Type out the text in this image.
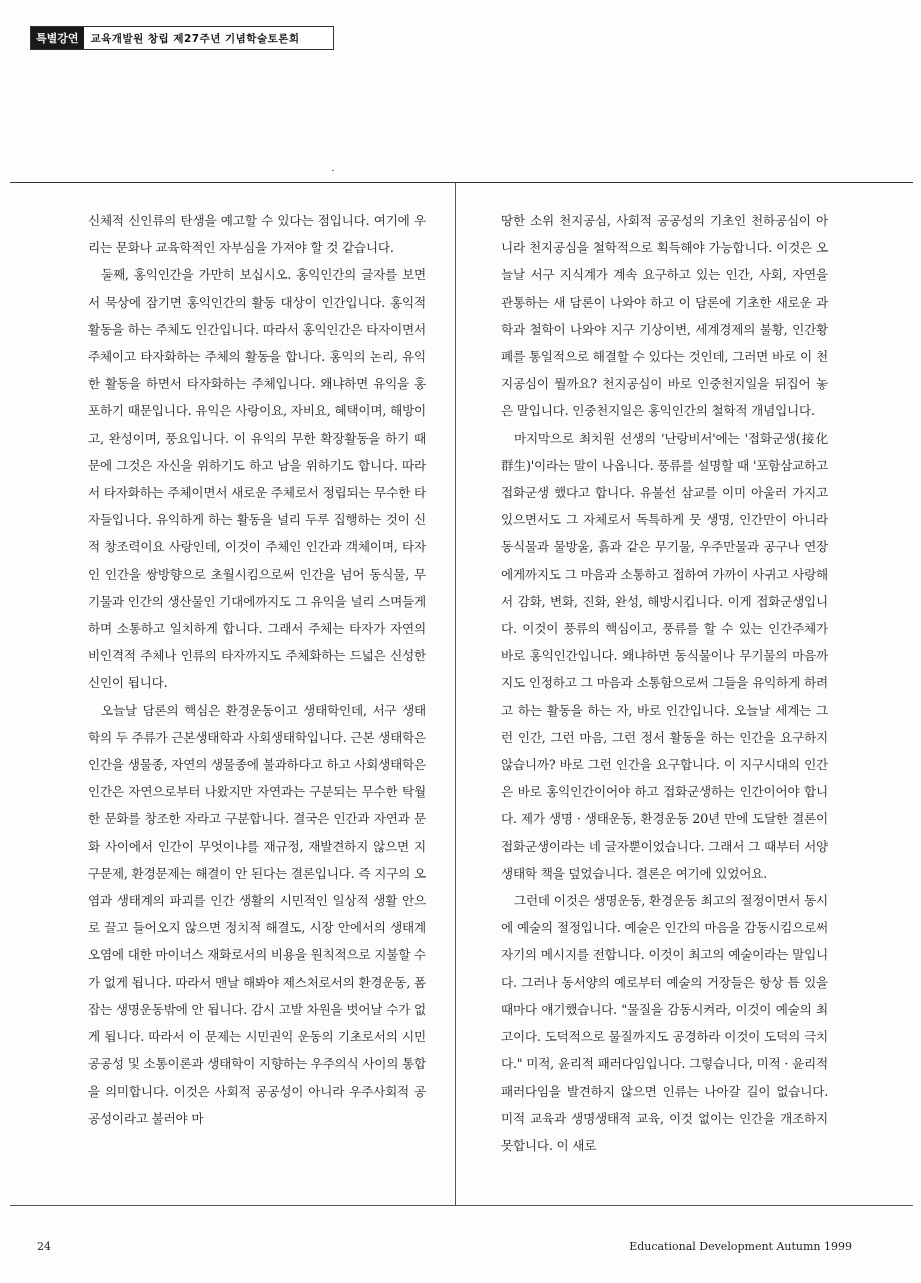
특별강연	교육개발원 창립 제27주년 기념학술토론회

신체적 신인류의 탄생을 예고할 수 있다는 점입니다. 여기에 우리는 문화나 교육학적인 자부심을 가져야 할 것 같습니다.

둘째, 홍익인간을 가만히 보십시오. 홍익인간의 글자를 보면서 묵상에 잠기면 홍익인간의 활동 대상이 인간입니다. 홍익적 활동을 하는 주체도 인간입니다. 따라서 홍익인간은 타자이면서 주체이고 타자화하는 주체의 활동을 합니다. 홍익의 논리, 유익한 활동을 하면서 타자화하는 주체입니다. 왜냐하면 유익을 홍포하기 때문입니다. 유익은 사랑이요, 자비요, 혜택이며, 해방이고, 완성이며, 풍요입니다. 이 유익의 무한 확장활동을 하기 때문에 그것은 자신을 위하기도 하고 남을 위하기도 합니다. 따라서 타자화하는 주체이면서 새로운 주체로서 정립되는 무수한 타자들입니다. 유익하게 하는 활동을 널리 두루 집행하는 것이 신적 창조력이요 사랑인데, 이것이 주체인 인간과 객체이며, 타자인 인간을 쌍방향으로 초월시킴으로써 인간을 넘어 동식물, 무기물과 인간의 생산물인 기대에까지도 그 유익을 널리 스며들게 하며 소통하고 일치하게 합니다. 그래서 주체는 타자가 자연의 비인격적 주체나 인류의 타자까지도 주체화하는 드넓은 신성한 신인이 됩니다.

오늘날 담론의 핵심은 환경운동이고 생태학인데, 서구 생태학의 두 주류가 근본생태학과 사회생태학입니다. 근본 생태학은 인간을 생물종, 자연의 생물종에 불과하다고 하고 사회생태학은 인간은 자연으로부터 나왔지만 자연과는 구분되는 무수한 탁월한 문화를 창조한 자라고 구분합니다. 결국은 인간과 자연과 문화 사이에서 인간이 무엇이냐를 재규정, 재발견하지 않으면 지구문제, 환경문제는 해결이 안 된다는 결론입니다. 즉 지구의 오염과 생태계의 파괴를 인간 생활의 시민적인 일상적 생활 안으로 끌고 들어오지 않으면 정치적 해결도, 시장 안에서의 생태계 오염에 대한 마이너스 재화로서의 비용을 원칙적으로 지불할 수가 없게 됩니다. 따라서 맨날 해봐야 제스처로서의 환경운동, 폼잡는 생명운동밖에 안 됩니다. 감시 고발 차원을 벗어날 수가 없게 됩니다. 따라서 이 문제는 시민권익 운동의 기초로서의 시민 공공성 및 소통이론과 생태학이 지향하는 우주의식 사이의 통합을 의미합니다. 이것은 사회적 공공성이 아니라 우주사회적 공공성이라고 불러야 마

땅한 소위 천지공심, 사회적 공공성의 기초인 천하공심이 아니라 천지공심을 철학적으로 획득해야 가능합니다. 이것은 오늘날 서구 지식계가 계속 요구하고 있는 인간, 사회, 자연을 관통하는 새 담론이 나와야 하고 이 담론에 기초한 새로운 과학과 철학이 나와야 지구 기상이변, 세계경제의 불황, 인간황폐를 통일적으로 해결할 수 있다는 것인데, 그러면 바로 이 천지공심이 뭘까요? 천지공심이 바로 인중천지일을 뒤집어 놓은 말입니다. 인중천지일은 홍익인간의 철학적 개념입니다.

마지막으로 최치원 선생의 '난랑비서'에는 '접화군생(接化群生)'이라는 말이 나옵니다. 풍류를 설명할 때 '포함삼교하고 접화군생 했다고 합니다. 유불선 삼교를 이미 아울러 가지고 있으면서도 그 자체로서 독특하게 뭇 생명, 인간만이 아니라 동식물과 물방울, 흙과 같은 무기물, 우주만물과 공구나 연장에게까지도 그 마음과 소통하고 접하여 가까이 사귀고 사랑해서 감화, 변화, 진화, 완성, 해방시킵니다. 이게 접화군생입니다. 이것이 풍류의 핵심이고, 풍류를 할 수 있는 인간주체가 바로 홍익인간입니다. 왜냐하면 동식물이나 무기물의 마음까지도 인정하고 그 마음과 소통함으로써 그들을 유익하게 하려고 하는 활동을 하는 자, 바로 인간입니다. 오늘날 세계는 그런 인간, 그런 마음, 그런 정서 활동을 하는 인간을 요구하지 않습니까? 바로 그런 인간을 요구합니다. 이 지구시대의 인간은 바로 홍익인간이어야 하고 접화군생하는 인간이어야 합니다. 제가 생명 · 생태운동, 환경운동 20년 만에 도달한 결론이 접화군생이라는 네 글자뿐이었습니다. 그래서 그 때부터 서양 생태학 책을 덮었습니다. 결론은 여기에 있었어요.

그런데 이것은 생명운동, 환경운동 최고의 절정이면서 동시에 예술의 절정입니다. 예술은 인간의 마음을 감동시킴으로써 자기의 메시지를 전합니다. 이것이 최고의 예술이라는 말입니다. 그러나 동서양의 예로부터 예술의 거장들은 항상 틈 있을 때마다 얘기했습니다. "물질을 감동시켜라, 이것이 예술의 최고이다. 도덕적으로 물질까지도 공경하라 이것이 도덕의 극치다." 미적, 윤리적 패러다임입니다. 그렇습니다, 미적 · 윤리적 패러다임을 발견하지 않으면 인류는 나아갈 길이 없습니다. 미적 교육과 생명생태적 교육, 이것 없이는 인간을 개조하지 못합니다. 이 새로

24	Educational Development Autumn 1999
